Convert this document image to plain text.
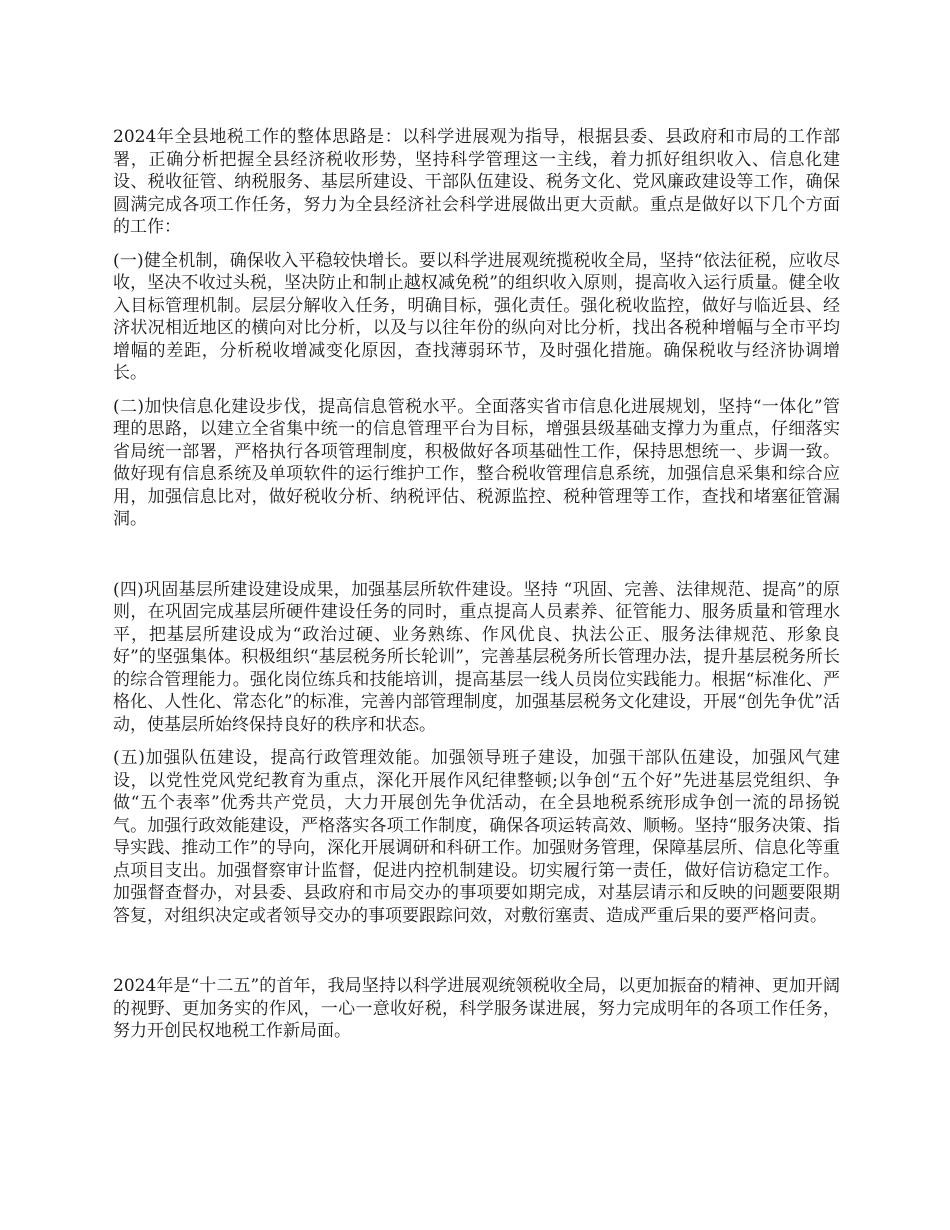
2024年全县地税工作的整体思路是：以科学进展观为指导，根据县委、县政府和市局的工作部署，正确分析把握全县经济税收形势，坚持科学管理这一主线，着力抓好组织收入、信息化建设、税收征管、纳税服务、基层所建设、干部队伍建设、税务文化、党风廉政建设等工作，确保圆满完成各项工作任务，努力为全县经济社会科学进展做出更大贡献。重点是做好以下几个方面的工作：

(一)健全机制，确保收入平稳较快增长。要以科学进展观统揽税收全局，坚持“依法征税，应收尽收，坚决不收过头税，坚决防止和制止越权减免税”的组织收入原则，提高收入运行质量。健全收入目标管理机制。层层分解收入任务，明确目标，强化责任。强化税收监控，做好与临近县、经济状况相近地区的横向对比分析，以及与以往年份的纵向对比分析，找出各税种增幅与全市平均增幅的差距，分析税收增减变化原因，查找薄弱环节，及时强化措施。确保税收与经济协调增长。

(二)加快信息化建设步伐，提高信息管税水平。全面落实省市信息化进展规划，坚持“一体化”管理的思路，以建立全省集中统一的信息管理平台为目标，增强县级基础支撑力为重点，仔细落实省局统一部署，严格执行各项管理制度，积极做好各项基础性工作，保持思想统一、步调一致。做好现有信息系统及单项软件的运行维护工作，整合税收管理信息系统，加强信息采集和综合应用，加强信息比对，做好税收分析、纳税评估、税源监控、税种管理等工作，查找和堵塞征管漏洞。

(四)巩固基层所建设建设成果，加强基层所软件建设。坚持 “巩固、完善、法律规范、提高”的原则，在巩固完成基层所硬件建设任务的同时，重点提高人员素养、征管能力、服务质量和管理水平，把基层所建设成为“政治过硬、业务熟练、作风优良、执法公正、服务法律规范、形象良好”的坚强集体。积极组织“基层税务所长轮训”，完善基层税务所长管理办法，提升基层税务所长的综合管理能力。强化岗位练兵和技能培训，提高基层一线人员岗位实践能力。根据“标准化、严格化、人性化、常态化”的标准，完善内部管理制度，加强基层税务文化建设，开展“创先争优”活动，使基层所始终保持良好的秩序和状态。

(五)加强队伍建设，提高行政管理效能。加强领导班子建设，加强干部队伍建设，加强风气建设，以党性党风党纪教育为重点，深化开展作风纪律整顿;以争创“五个好”先进基层党组织、争做“五个表率”优秀共产党员，大力开展创先争优活动，在全县地税系统形成争创一流的昂扬锐气。加强行政效能建设，严格落实各项工作制度，确保各项运转高效、顺畅。坚持“服务决策、指导实践、推动工作”的导向，深化开展调研和科研工作。加强财务管理，保障基层所、信息化等重点项目支出。加强督察审计监督，促进内控机制建设。切实履行第一责任，做好信访稳定工作。加强督查督办，对县委、县政府和市局交办的事项要如期完成，对基层请示和反映的问题要限期答复，对组织决定或者领导交办的事项要跟踪问效，对敷衍塞责、造成严重后果的要严格问责。

2024年是“十二五”的首年，我局坚持以科学进展观统领税收全局，以更加振奋的精神、更加开阔的视野、更加务实的作风，一心一意收好税，科学服务谋进展，努力完成明年的各项工作任务，努力开创民权地税工作新局面。
